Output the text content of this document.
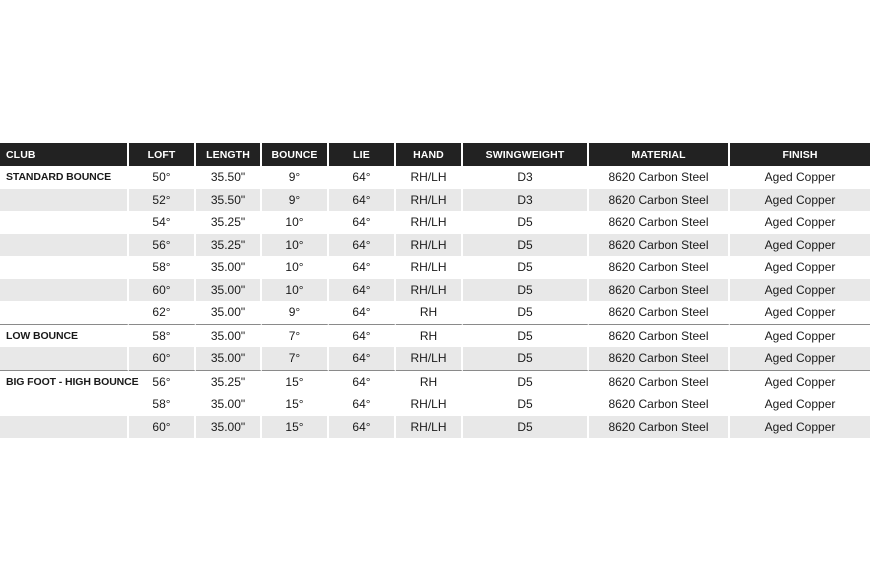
CLUB	LOFT	LENGTH	BOUNCE	LIE	HAND	SWINGWEIGHT	MATERIAL	FINISH
STANDARD BOUNCE	50°	35.50"	9°	64°	RH/LH	D3	8620 Carbon Steel	Aged Copper
	52°	35.50"	9°	64°	RH/LH	D3	8620 Carbon Steel	Aged Copper
	54°	35.25"	10°	64°	RH/LH	D5	8620 Carbon Steel	Aged Copper
	56°	35.25"	10°	64°	RH/LH	D5	8620 Carbon Steel	Aged Copper
	58°	35.00"	10°	64°	RH/LH	D5	8620 Carbon Steel	Aged Copper
	60°	35.00"	10°	64°	RH/LH	D5	8620 Carbon Steel	Aged Copper
	62°	35.00"	9°	64°	RH	D5	8620 Carbon Steel	Aged Copper
LOW BOUNCE	58°	35.00"	7°	64°	RH	D5	8620 Carbon Steel	Aged Copper
	60°	35.00"	7°	64°	RH/LH	D5	8620 Carbon Steel	Aged Copper
BIG FOOT - HIGH BOUNCE	56°	35.25"	15°	64°	RH	D5	8620 Carbon Steel	Aged Copper
	58°	35.00"	15°	64°	RH/LH	D5	8620 Carbon Steel	Aged Copper
	60°	35.00"	15°	64°	RH/LH	D5	8620 Carbon Steel	Aged Copper
